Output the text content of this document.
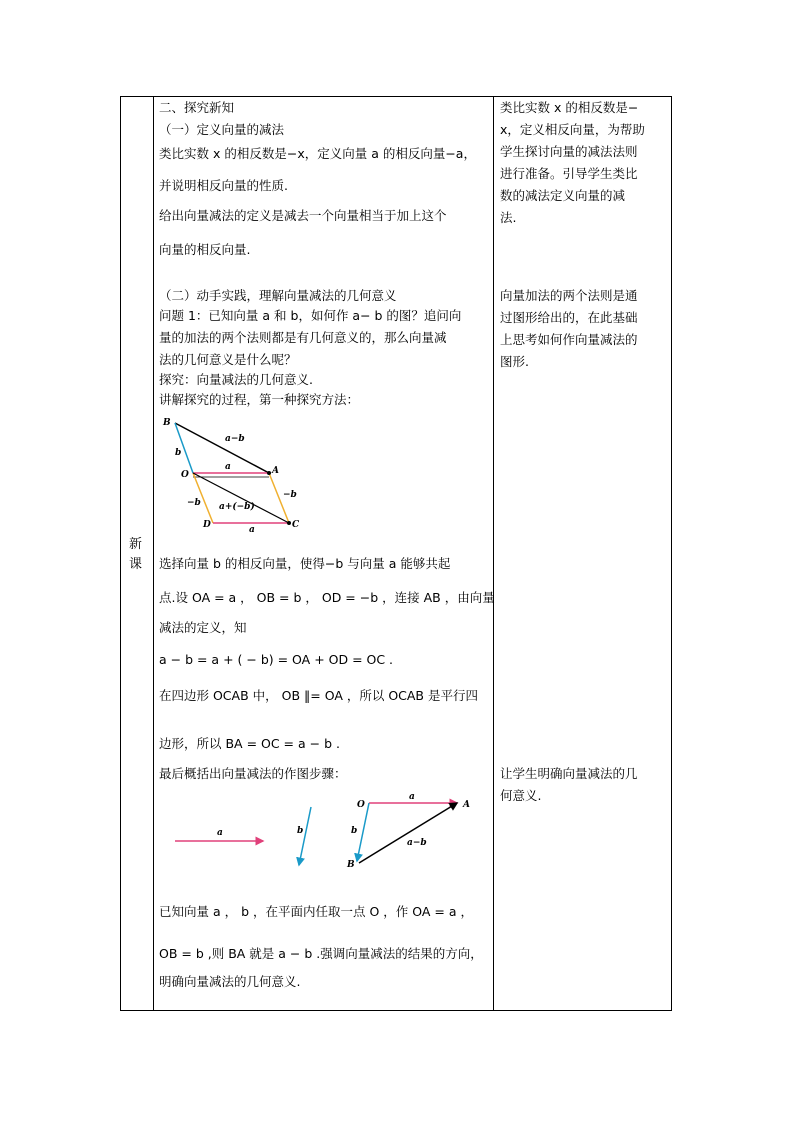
新课
二、探究新知
（一）定义向量的减法
类比实数 x 的相反数是−x，定义向量 a 的相反向量−a，
并说明相反向量的性质.
给出向量减法的定义是减去一个向量相当于加上这个
向量的相反向量.
（二）动手实践，理解向量减法的几何意义
问题 1：已知向量 a 和 b，如何作 a− b 的图？追问向
量的加法的两个法则都是有几何意义的，那么向量减
法的几何意义是什么呢？
探究：向量减法的几何意义.
讲解探究的过程，第一种探究方法：
B
a−b
b
O
a	A
−b
−b a+(−b)
D	a	C
选择向量 b 的相反向量，使得−b 与向量 a 能够共起
点.设 OA = a ， OB = b ， OD = −b ，连接 AB ，由向量
减法的定义，知
a − b = a + ( − b) = OA + OD = OC .
在四边形 OCAB 中， OB ‖= OA ，所以 OCAB 是平行四
边形，所以 BA = OC = a − b .
最后概括出向量减法的作图步骤：
a	b
O
a
A
b
a−b
B
已知向量 a ， b ，在平面内任取一点 O ，作 OA = a ，
OB = b ,则 BA 就是 a − b .强调向量减法的结果的方向，
明确向量减法的几何意义.
类比实数 x 的相反数是−
x，定义相反向量，为帮助
学生探讨向量的减法法则
进行准备。引导学生类比
数的减法定义向量的减
法.
向量加法的两个法则是通
过图形给出的，在此基础
上思考如何作向量减法的
图形.
让学生明确向量减法的几
何意义.
